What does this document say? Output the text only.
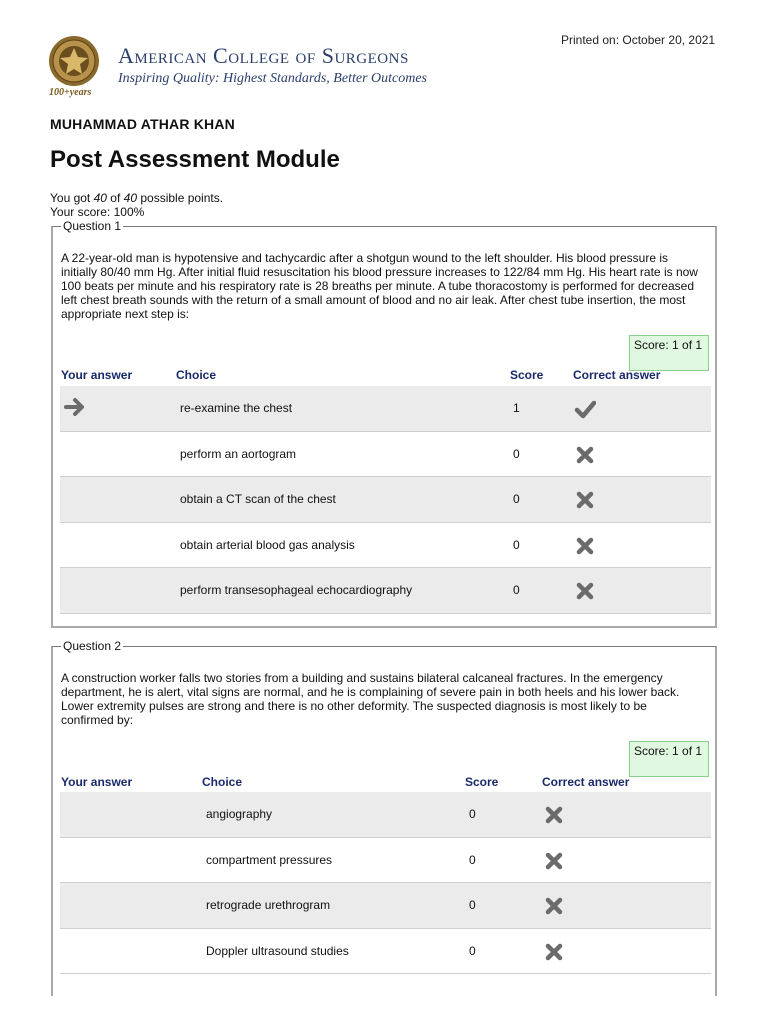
Printed on: October 20, 2021
100+years
American College of Surgeons
Inspiring Quality: Highest Standards, Better Outcomes
MUHAMMAD ATHAR KHAN
Post Assessment Module
You got 40 of 40 possible points.
Your score: 100%
Question 1
A 22-year-old man is hypotensive and tachycardic after a shotgun wound to the left shoulder. His blood pressure is initially 80/40 mm Hg. After initial fluid resuscitation his blood pressure increases to 122/84 mm Hg. His heart rate is now 100 beats per minute and his respiratory rate is 28 breaths per minute. A tube thoracostomy is performed for decreased left chest breath sounds with the return of a small amount of blood and no air leak. After chest tube insertion, the most appropriate next step is:
Score: 1 of 1
Your answer	Choice	Score Correct answer
re-examine the chest	1
perform an aortogram	0
obtain a CT scan of the chest	0
obtain arterial blood gas analysis	0
perform transesophageal echocardiography	0
Question 2
A construction worker falls two stories from a building and sustains bilateral calcaneal fractures. In the emergency department, he is alert, vital signs are normal, and he is complaining of severe pain in both heels and his lower back. Lower extremity pulses are strong and there is no other deformity. The suspected diagnosis is most likely to be confirmed by:
Score: 1 of 1
Your answer	Choice	Score	Correct answer
angiography	0
compartment pressures	0
retrograde urethrogram	0
Doppler ultrasound studies	0
